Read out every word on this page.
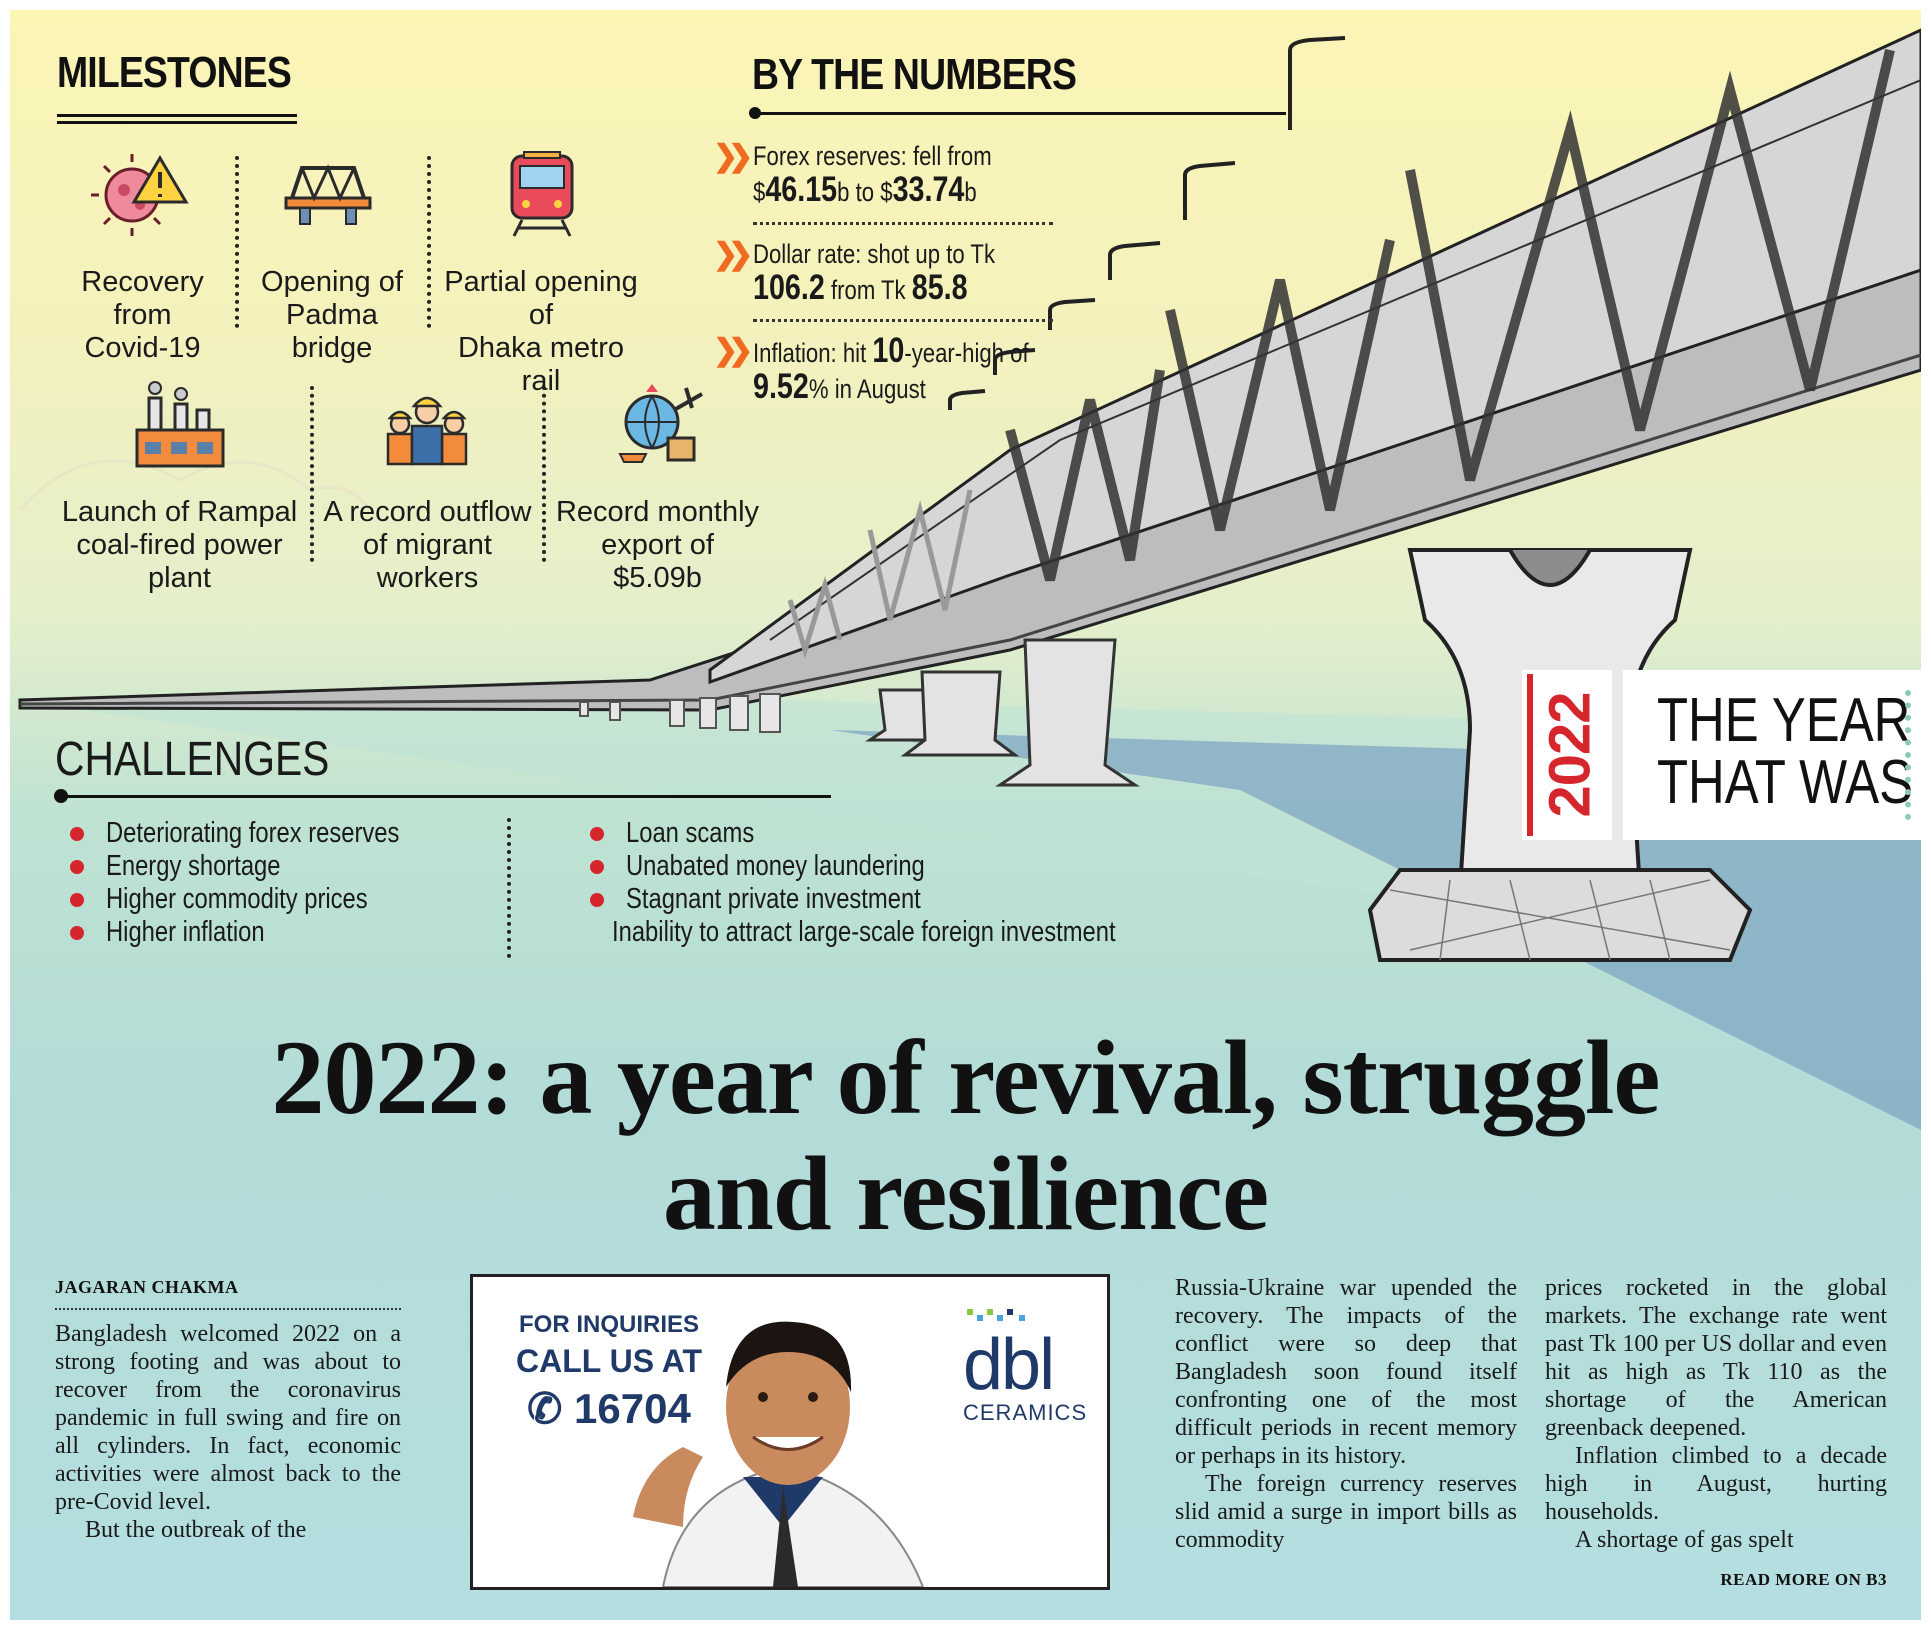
MILESTONES
Recovery from
Covid-19
Opening of
Padma bridge
Partial opening of
Dhaka metro rail
Launch of Rampal
coal-fired power plant
A record outflow
of migrant workers
Record monthly
export of $5.09b
BY THE NUMBERS
❯❯ Forex reserves: fell from
$46.15b to $33.74b
❯❯ Dollar rate: shot up to Tk
106.2 from Tk 85.8
❯❯ Inflation: hit 10-year-high of
9.52% in August
CHALLENGES
Deteriorating forex reserves
Energy shortage
Higher commodity prices
Higher inflation
Loan scams
Unabated money laundering
Stagnant private investment
Inability to attract large-scale foreign investment
2022 THE YEAR
THAT WAS
2022: a year of revival, struggle
and resilience
JAGARAN CHAKMA

Bangladesh welcomed 2022 on a strong footing and was about to recover from the coronavirus pandemic in full swing and fire on all cylinders. In fact, economic activities were almost back to the pre-Covid level.

But the outbreak of the

FOR INQUIRIES
CALL US AT
✆ 16704
dbl
CERAMICS

Russia-Ukraine war upended the recovery. The impacts of the conflict were so deep that Bangladesh soon found itself confronting one of the most difficult periods in recent memory or perhaps in its history.

The foreign currency reserves slid amid a surge in import bills as commodity

prices rocketed in the global markets. The exchange rate went past Tk 100 per US dollar and even hit as high as Tk 110 as the shortage of the American greenback deepened.

Inflation climbed to a decade high in August, hurting households.

A shortage of gas spelt

READ MORE ON B3
